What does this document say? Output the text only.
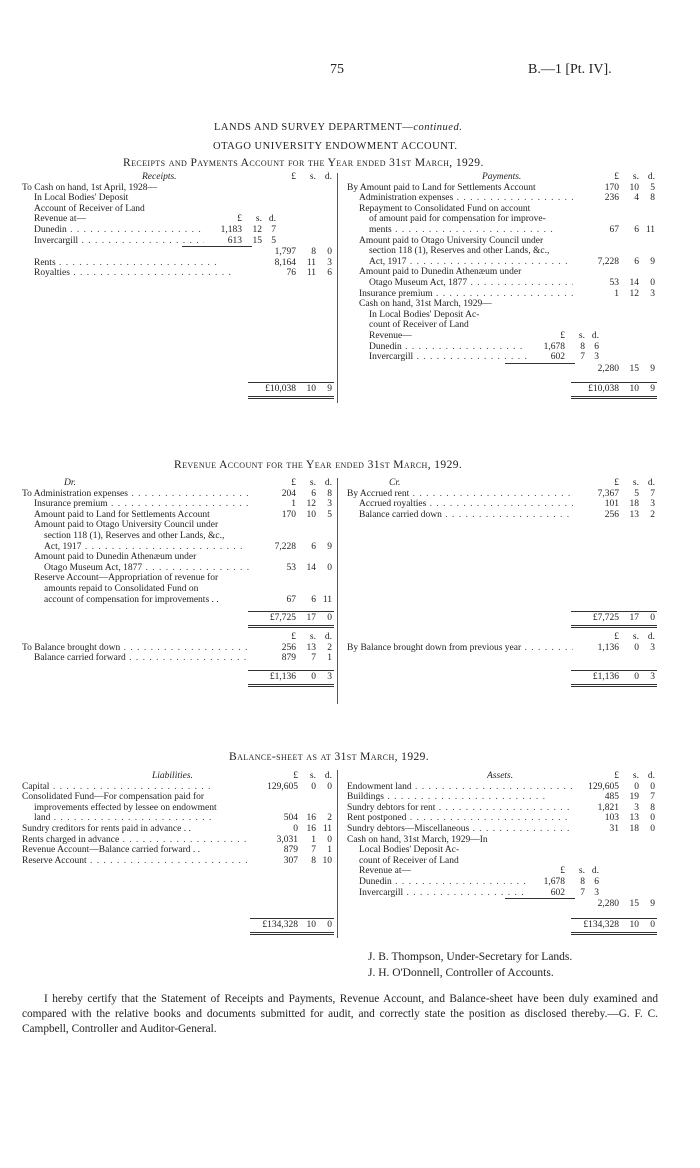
75	B.—1 [Pt. IV].
LANDS AND SURVEY DEPARTMENT—continued.
OTAGO UNIVERSITY ENDOWMENT ACCOUNT.
Receipts and Payments Account for the Year ended 31st March, 1929.
Receipts.	£	s. d.
To Cash on hand, 1st April, 1928—
In Local Bodies' Deposit
Account of Receiver of Land
Revenue at—	£	s. d.
Dunedin . .	1,183	12 7
Invercargill . .	613	15 5
1,797	8	0
Rents . .	8,164	11	3
Royalties . .	76	11	6
£10,038	10	9
Payments.	£	s. d.
By Amount paid to Land for Settlements Account	170	10	5
Administration expenses . .	236	4	8
Repayment to Consolidated Fund on account
of amount paid for compensation for improve-
ments . .	67	6 11
Amount paid to Otago University Council under
section 118 (1), Reserves and other Lands, &c.,
Act, 1917 . .	7,228	6	9
Amount paid to Dunedin Athenæum under
Otago Museum Act, 1877 . .	53	14	0
Insurance premium . .	1	12	3
Cash on hand, 31st March, 1929—
In Local Bodies' Deposit Ac-
count of Receiver of Land
Revenue—	£	s. d.
Dunedin . .	1,678	8 6
Invercargill . .	602	7 3
2,280	15	9
£10,038	10	9
Revenue Account for the Year ended 31st March, 1929.
Dr.	£	s. d.
To Administration expenses . .	204	6	8
Insurance premium . .	1	12	3
Amount paid to Land for Settlements Account	170	10	5
Amount paid to Otago University Council under
section 118 (1), Reserves and other Lands, &c.,
Act, 1917 . .	7,228	6	9
Amount paid to Dunedin Athenæum under
Otago Museum Act, 1877 . .	53	14	0
Reserve Account—Appropriation of revenue for
amounts repaid to Consolidated Fund on
account of compensation for improvements . .	67	6 11
£7,725	17	0
£	s. d.
To Balance brought down . .	256	13	2
Balance carried forward . .	879	7	1
£1,136	0	3
Cr.	£	s. d.
By Accrued rent . .	7,367	5	7
Accrued royalties . .	101	18	3
Balance carried down . .	256	13	2
£7,725	17	0
£	s. d.
By Balance brought down from previous year . .	1,136	0	3
£1,136	0	3
Balance-sheet as at 31st March, 1929.
Liabilities.	£	s. d.
Capital . .	129,605	0	0
Consolidated Fund—For compensation paid for
improvements effected by lessee on endowment
land . .	504 16	2
Sundry creditors for rents paid in advance . .	0 16 11
Rents charged in advance . .	3,031	1	0
Revenue Account—Balance carried forward . .	879	7	1
Reserve Account . .	307	8 10
£134,328 10	0
Assets.	£	s. d.
Endowment land . .	129,605	0	0
Buildings . .	485	19	7
Sundry debtors for rent . .	1,821	3	8
Rent postponed . .	103	13	0
Sundry debtors—Miscellaneous . .	31	18	0
Cash on hand, 31st March, 1929—In
Local Bodies' Deposit Ac-
count of Receiver of Land
Revenue at—	£	s. d.
Dunedin . .	1,678	8 6
Invercargill . .	602	7 3
2,280	15	9
£134,328	10	0
J. B. Thompson, Under-Secretary for Lands.
J. H. O'Donnell, Controller of Accounts.
I hereby certify that the Statement of Receipts and Payments, Revenue Account, and Balance-sheet have been duly examined and compared with the relative books and documents submitted for audit, and correctly state the position as disclosed thereby.—G. F. C. Campbell, Controller and Auditor-General.
